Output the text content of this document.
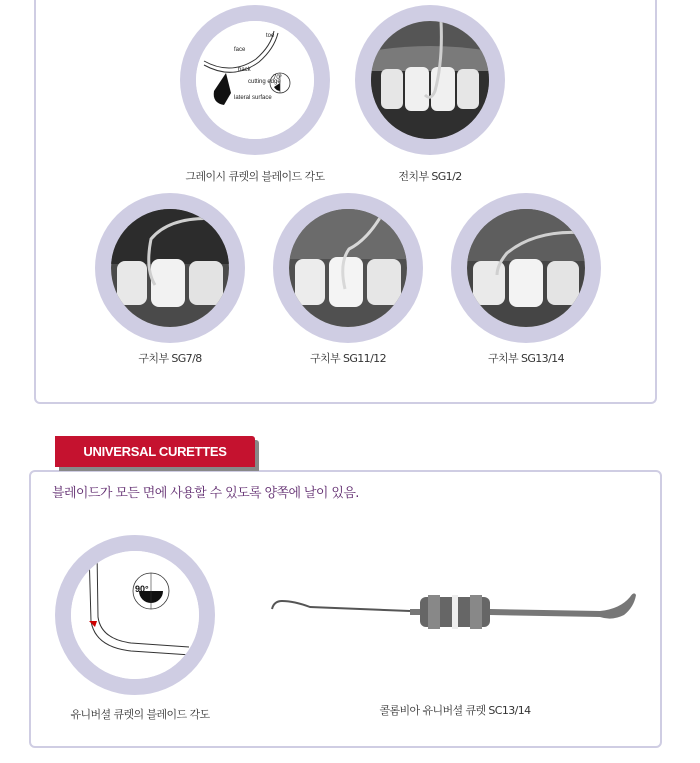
face
toe
back
cutting edge
lateral surface
70°
그레이시 큐렛의 블레이드 각도	전치부 SG1/2
구치부 SG7/8	구치부 SG11/12	구치부 SG13/14
UNIVERSAL CURETTES
블레이드가 모든 면에 사용할 수 있도록 양쪽에 날이 있음.
90°
유니버셜 큐렛의 블레이드 각도	콜롬비아 유니버셜 큐렛 SC13/14
